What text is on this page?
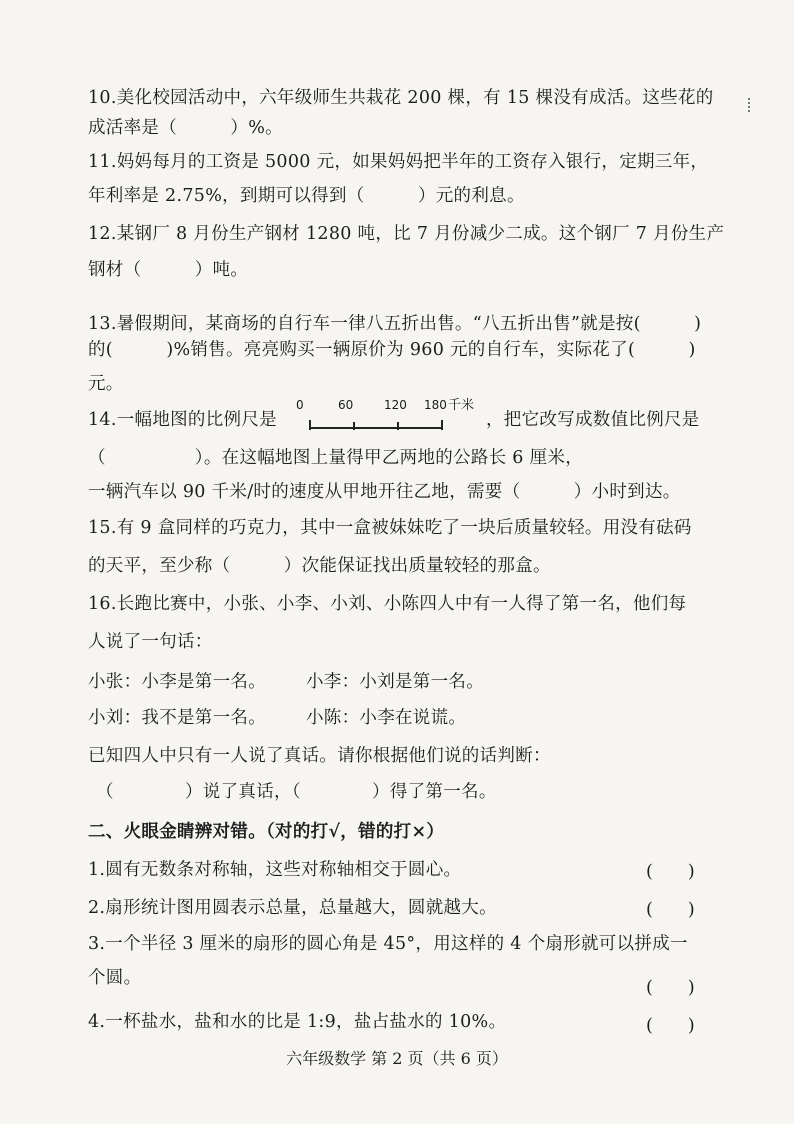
10.美化校园活动中，六年级师生共栽花 200 棵，有 15 棵没有成活。这些花的
成活率是（　　　）%。
11.妈妈每月的工资是 5000 元，如果妈妈把半年的工资存入银行，定期三年，
年利率是 2.75%，到期可以得到（　　　）元的利息。
12.某钢厂 8 月份生产钢材 1280 吨，比 7 月份减少二成。这个钢厂 7 月份生产
钢材（　　　）吨。
13.暑假期间，某商场的自行车一律八五折出售。“八五折出售”就是按(　　　)
的(　　　)%销售。亮亮购买一辆原价为 960 元的自行车，实际花了(　　　)
元。
14.一幅地图的比例尺是
0	60	120 180 千米
，把它改写成数值比例尺是
（　　　　　）。在这幅地图上量得甲乙两地的公路长 6 厘米，
一辆汽车以 90 千米/时的速度从甲地开往乙地，需要（　　　）小时到达。
15.有 9 盒同样的巧克力，其中一盒被妹妹吃了一块后质量较轻。用没有砝码
的天平，至少称（　　　）次能保证找出质量较轻的那盒。
16.长跑比赛中，小张、小李、小刘、小陈四人中有一人得了第一名，他们每
人说了一句话：
小张：小李是第一名。 小李：小刘是第一名。
小刘：我不是第一名。 小陈：小李在说谎。
已知四人中只有一人说了真话。请你根据他们说的话判断：
（　　　　）说了真话，（　　　　）得了第一名。
二、火眼金睛辨对错。（对的打√，错的打×）
1.圆有无数条对称轴，这些对称轴相交于圆心。	(　　)
2.扇形统计图用圆表示总量，总量越大，圆就越大。	(　　)
3.一个半径 3 厘米的扇形的圆心角是 45°，用这样的 4 个扇形就可以拼成一
个圆。	(　　)
4.一杯盐水，盐和水的比是 1:9，盐占盐水的 10%。	(　　)
六年级数学 第 2 页（共 6 页）
